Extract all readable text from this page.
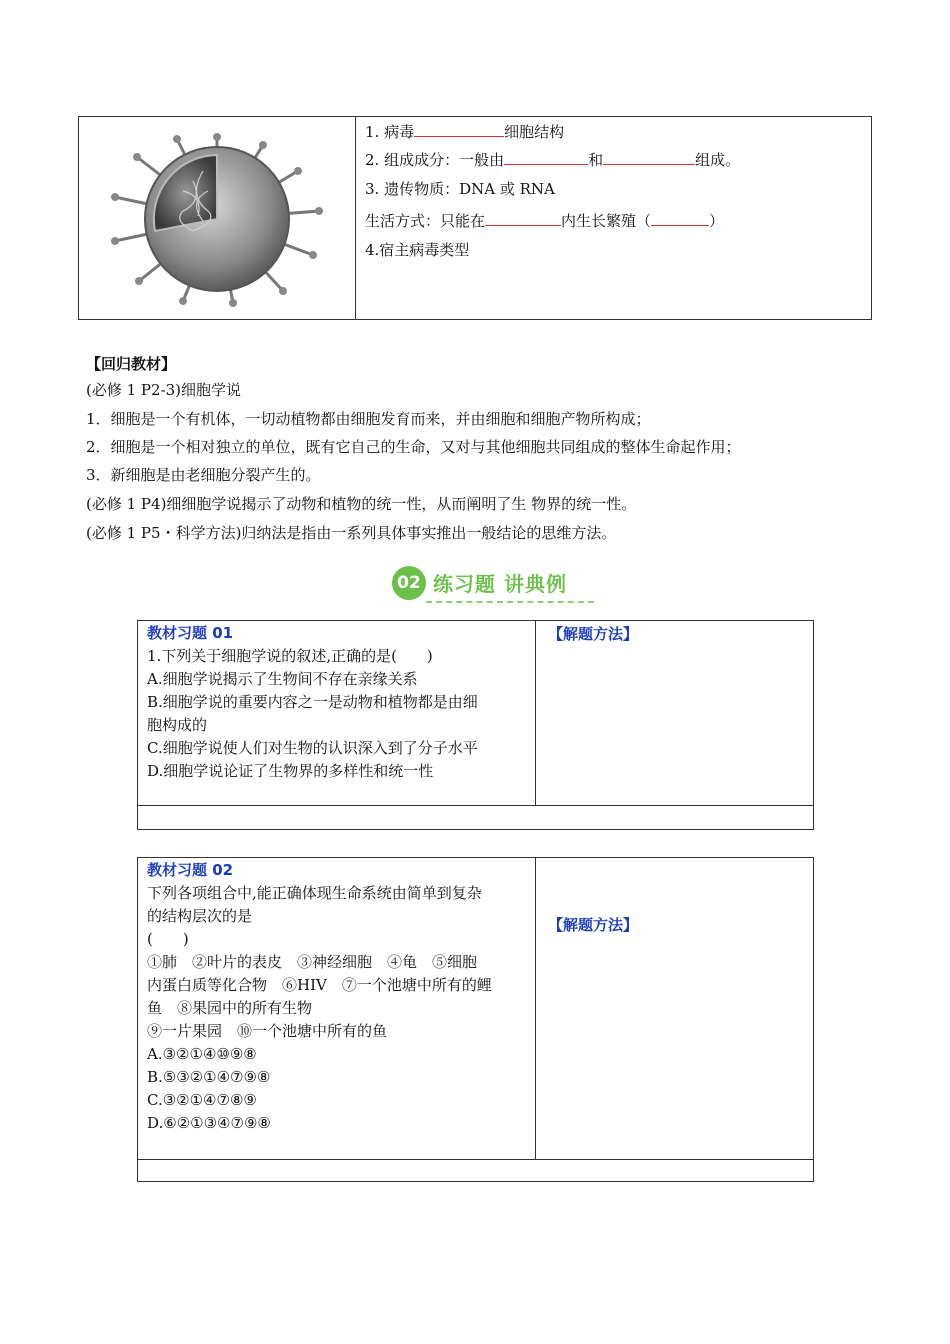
1. 病毒	细胞结构
2. 组成成分：一般由	和	组成。
3. 遗传物质：DNA 或 RNA
生活方式：只能在	内生长繁殖（	）
4.宿主病毒类型
【回归教材】
(必修 1 P2-3)细胞学说
1．细胞是一个有机体，一切动植物都由细胞发育而来，并由细胞和细胞产物所构成；
2．细胞是一个相对独立的单位，既有它自己的生命，又对与其他细胞共同组成的整体生命起作用；
3．新细胞是由老细胞分裂产生的。
(必修 1 P4)细细胞学说揭示了动物和植物的统一性，从而阐明了生 物界的统一性。
(必修 1 P5・科学方法)归纳法是指由一系列具体事实推出一般结论的思维方法。
02 练习题 讲典例
教材习题 01
1.下列关于细胞学说的叙述,正确的是(　　)
A.细胞学说揭示了生物间不存在亲缘关系
B.细胞学说的重要内容之一是动物和植物都是由细
胞构成的
C.细胞学说使人们对生物的认识深入到了分子水平
D.细胞学说论证了生物界的多样性和统一性
【解题方法】
教材习题 02
下列各项组合中,能正确体现生命系统由简单到复杂
的结构层次的是
(　　)
①肺　②叶片的表皮　③神经细胞　④龟　⑤细胞
内蛋白质等化合物　⑥HIV　⑦一个池塘中所有的鲤
鱼　⑧果园中的所有生物
⑨一片果园　⑩一个池塘中所有的鱼
A.③②①④⑩⑨⑧
B.⑤③②①④⑦⑨⑧
C.③②①④⑦⑧⑨
D.⑥②①③④⑦⑨⑧
【解题方法】
